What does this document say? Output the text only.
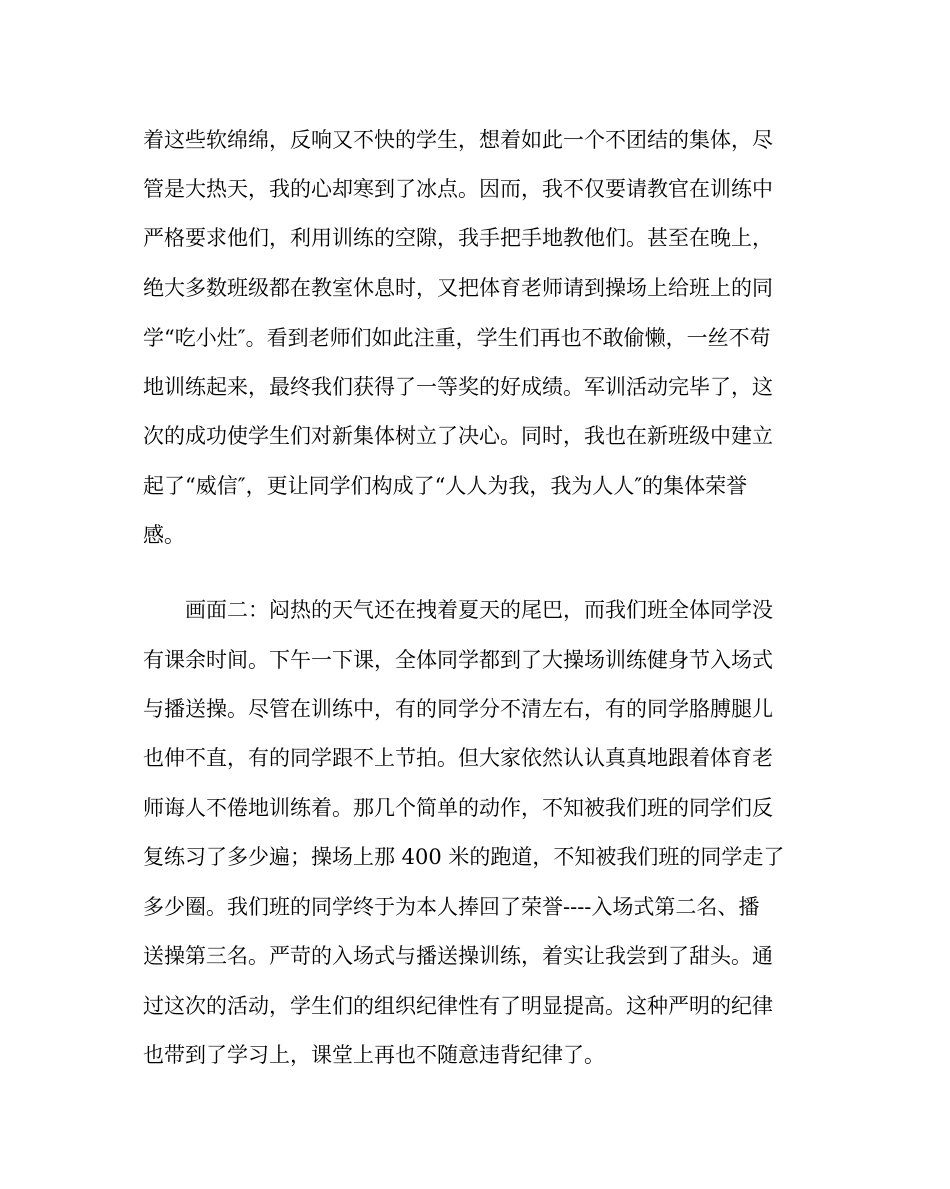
着这些软绵绵，反响又不快的学生，想着如此一个不团结的集体，尽

管是大热天，我的心却寒到了冰点。因而，我不仅要请教官在训练中

严格要求他们，利用训练的空隙，我手把手地教他们。甚至在晚上，

绝大多数班级都在教室休息时，又把体育老师请到操场上给班上的同

学“吃小灶″。看到老师们如此注重，学生们再也不敢偷懒，一丝不苟

地训练起来，最终我们获得了一等奖的好成绩。军训活动完毕了，这

次的成功使学生们对新集体树立了决心。同时，我也在新班级中建立

起了“威信″，更让同学们构成了“人人为我，我为人人″的集体荣誉

感。

画面二：闷热的天气还在拽着夏天的尾巴，而我们班全体同学没

有课余时间。下午一下课，全体同学都到了大操场训练健身节入场式

与播送操。尽管在训练中，有的同学分不清左右，有的同学胳膊腿儿

也伸不直，有的同学跟不上节拍。但大家依然认认真真地跟着体育老

师诲人不倦地训练着。那几个简单的动作，不知被我们班的同学们反

复练习了多少遍；操场上那 400 米的跑道，不知被我们班的同学走了

多少圈。我们班的同学终于为本人捧回了荣誉----入场式第二名、播

送操第三名。严苛的入场式与播送操训练，着实让我尝到了甜头。通

过这次的活动，学生们的组织纪律性有了明显提高。这种严明的纪律

也带到了学习上，课堂上再也不随意违背纪律了。
